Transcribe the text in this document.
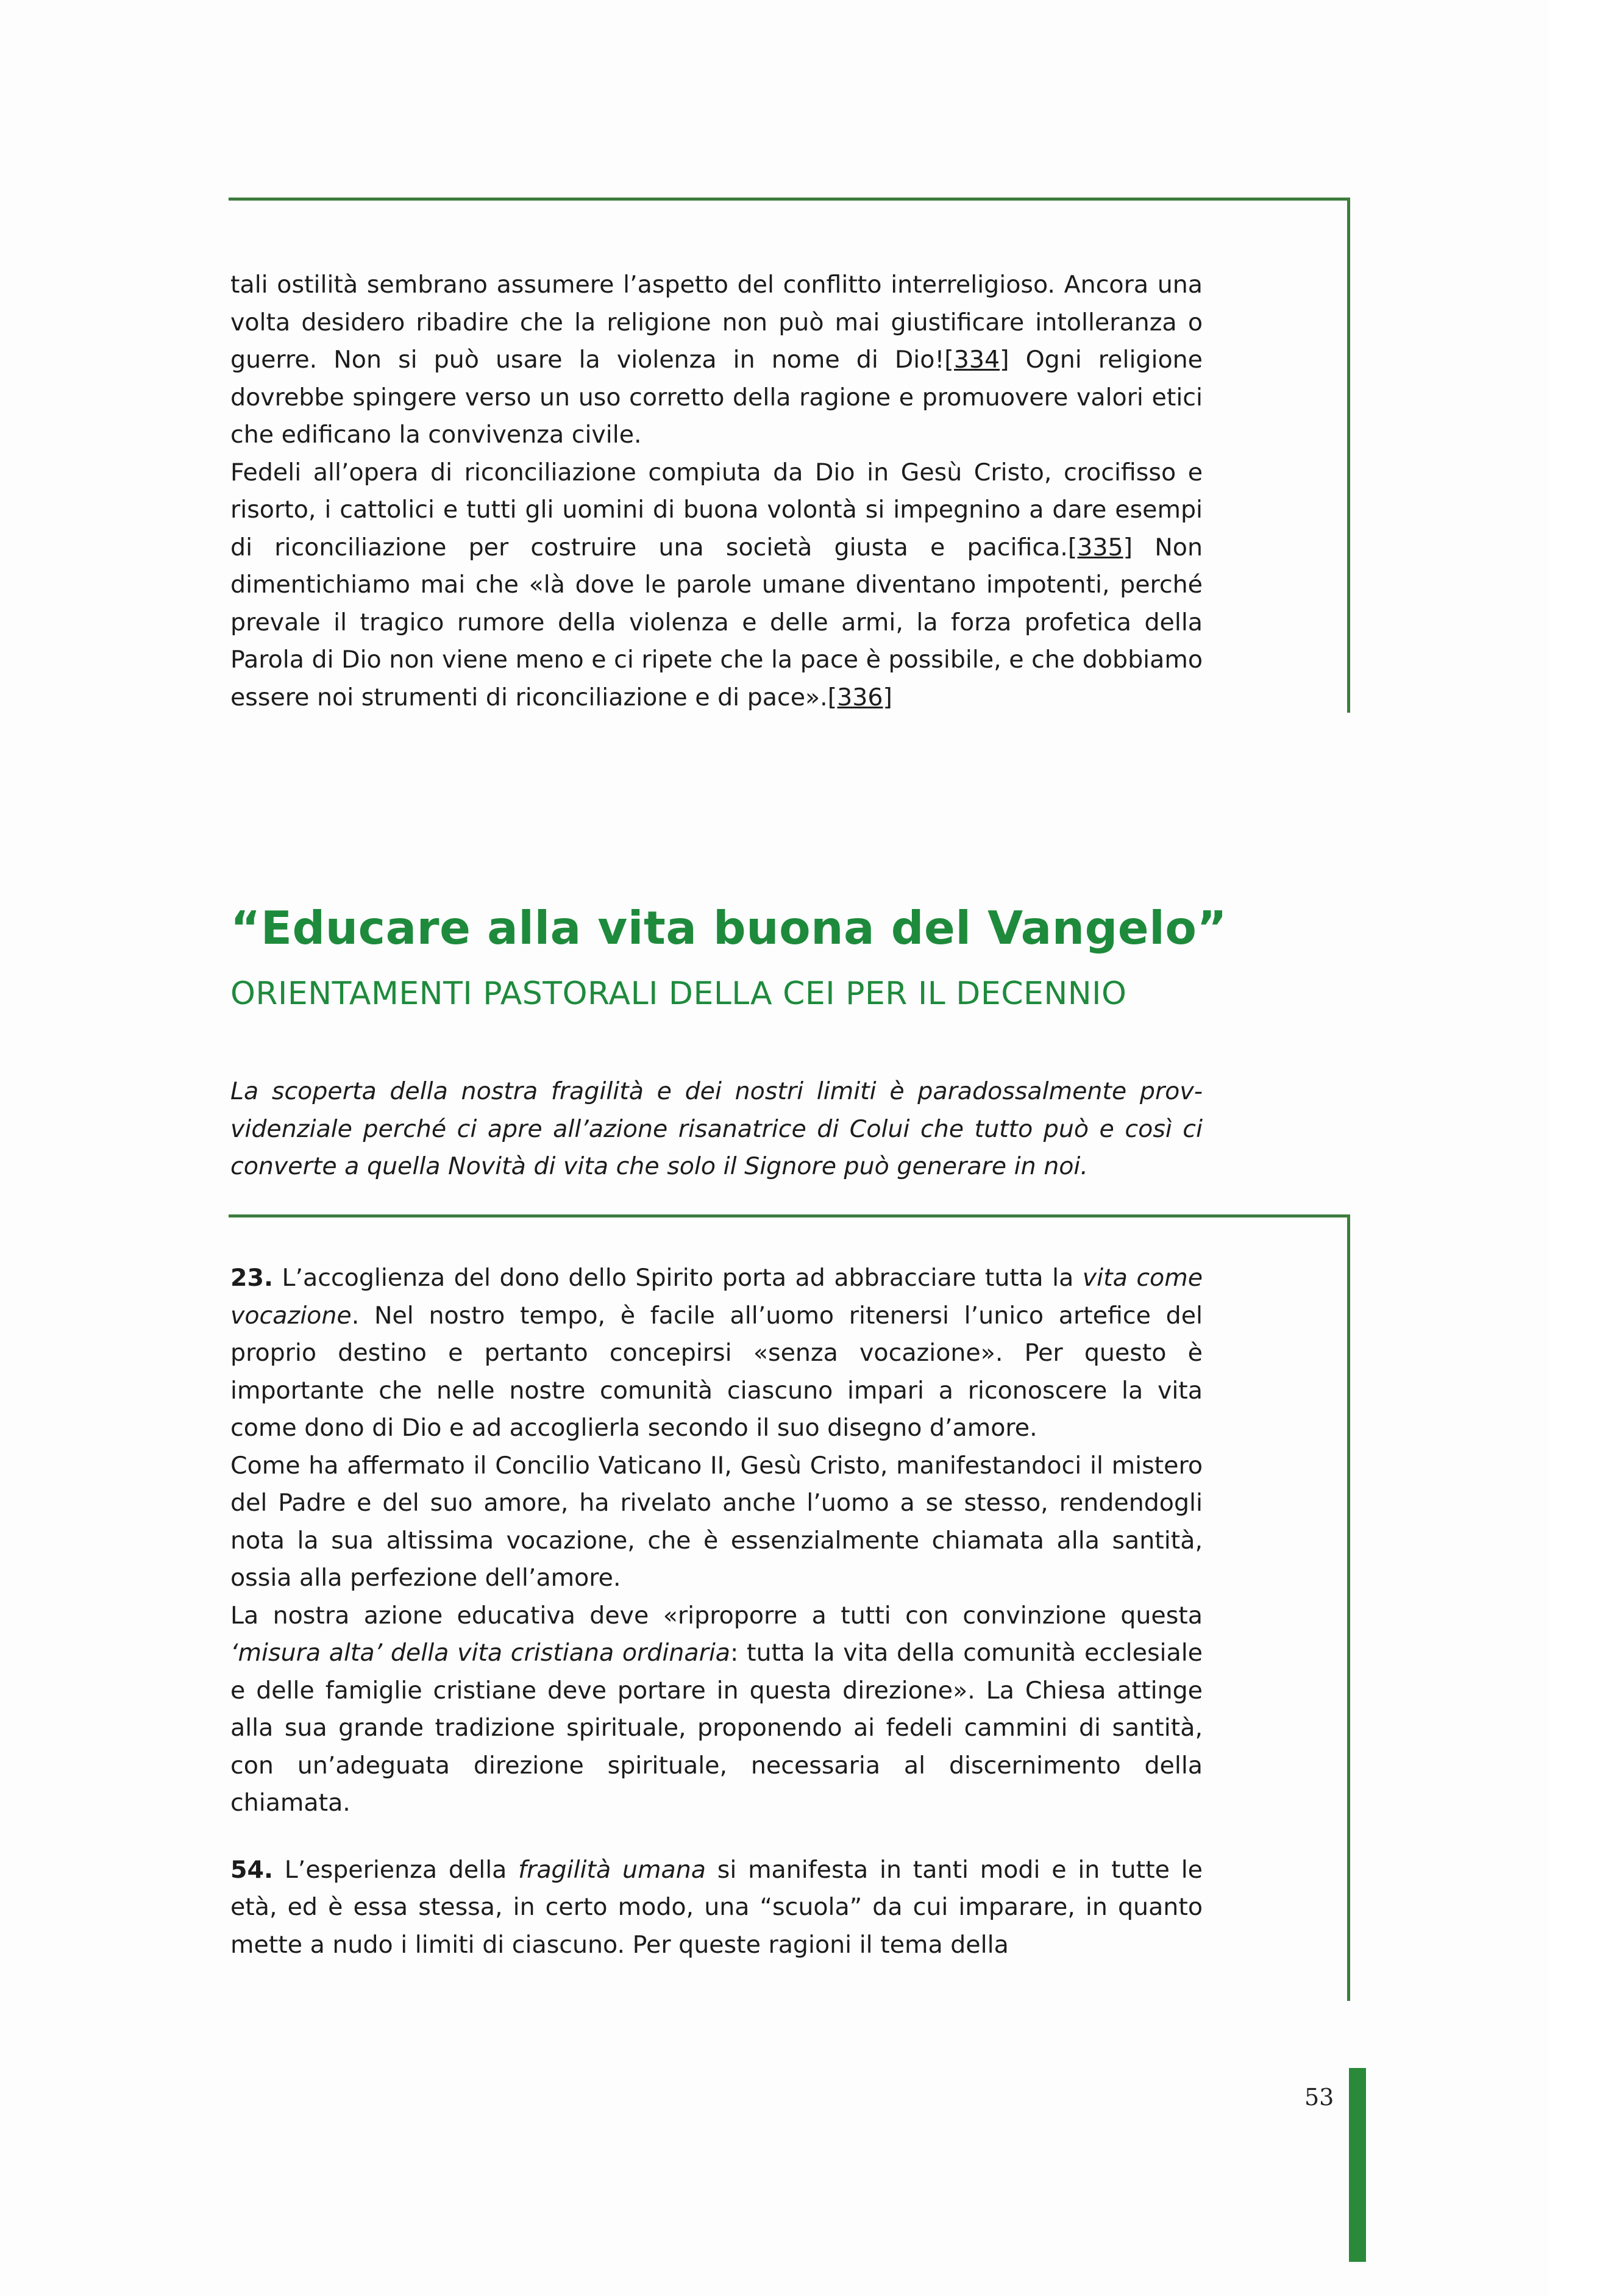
tali ostilità sembrano assumere l’aspetto del conflitto interreligioso. Ancora una volta desidero ribadire che la religione non può mai giustificare intolleranza o guerre. Non si può usare la violenza in nome di Dio![334] Ogni religione dovrebbe spingere verso un uso corretto della ragione e promuovere valori etici che edificano la convivenza civile.

Fedeli all’opera di riconciliazione compiuta da Dio in Gesù Cristo, crocifisso e risorto, i cattolici e tutti gli uomini di buona volontà si impegnino a dare esempi di riconciliazione per costruire una società giusta e pacifica.[335] Non dimentichiamo mai che «là dove le parole umane diventano impotenti, perché prevale il tragico rumore della violenza e delle armi, la forza profetica della Parola di Dio non viene meno e ci ripete che la pace è possibile, e che dobbiamo essere noi strumenti di riconciliazione e di pace».[336]

“Educare alla vita buona del Vangelo”
ORIENTAMENTI PASTORALI DELLA CEI PER IL DECENNIO
La scoperta della nostra fragilità e dei nostri limiti è paradossalmente provvidenziale perché ci apre all’azione risanatrice di Colui che tutto può e così ci converte a quella Novità di vita che solo il Signore può generare in noi.

23. L’accoglienza del dono dello Spirito porta ad abbracciare tutta la vita come vocazione. Nel nostro tempo, è facile all’uomo ritenersi l’unico artefice del proprio destino e pertanto concepirsi «senza vocazione». Per questo è importante che nelle nostre comunità ciascuno impari a riconoscere la vita come dono di Dio e ad accoglierla secondo il suo disegno d’amore.

Come ha affermato il Concilio Vaticano II, Gesù Cristo, manifestandoci il mistero del Padre e del suo amore, ha rivelato anche l’uomo a se stesso, rendendogli nota la sua altissima vocazione, che è essenzialmente chiamata alla santità, ossia alla perfezione dell’amore.

La nostra azione educativa deve «riproporre a tutti con convinzione questa ‘misura alta’ della vita cristiana ordinaria: tutta la vita della comunità ecclesiale e delle famiglie cristiane deve portare in questa direzione». La Chiesa attinge alla sua grande tradizione spirituale, proponendo ai fedeli cammini di santità, con un’adeguata direzione spirituale, necessaria al discernimento della chiamata.

54. L’esperienza della fragilità umana si manifesta in tanti modi e in tutte le età, ed è essa stessa, in certo modo, una “scuola” da cui imparare, in quanto mette a nudo i limiti di ciascuno. Per queste ragioni il tema della

53
